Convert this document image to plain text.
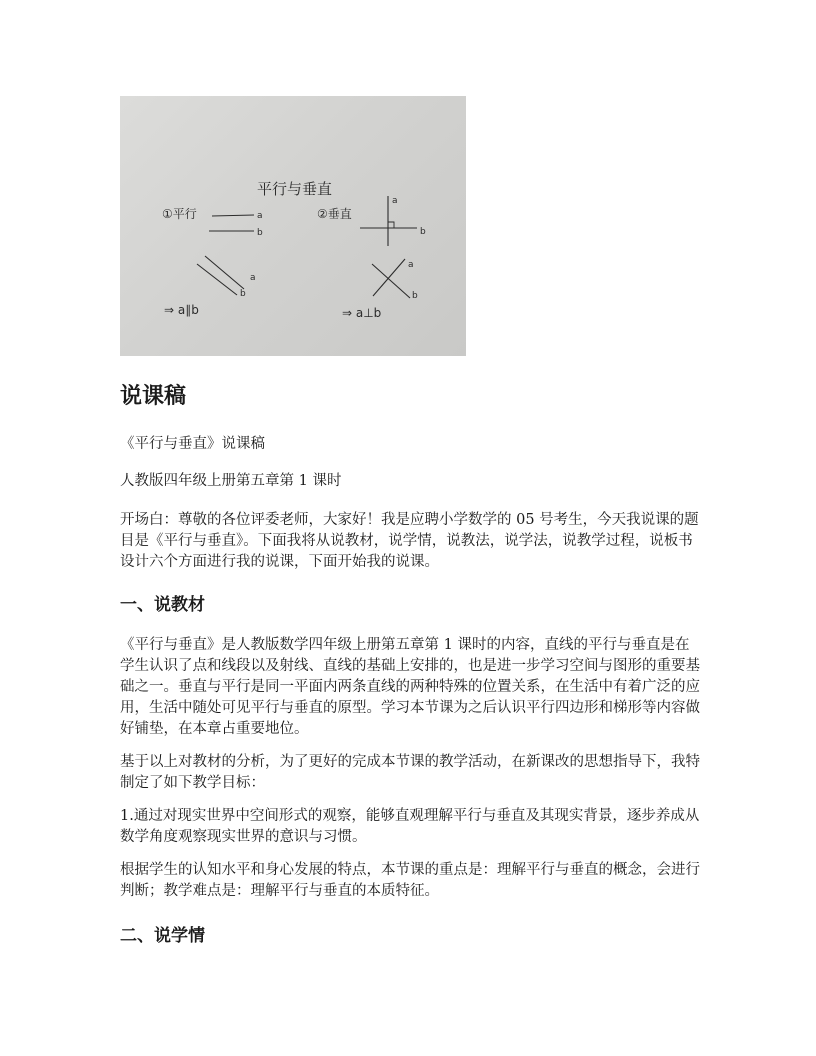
平行与垂直
①平行	a
b
a
b
⇒ a∥b
②垂直
a
b
a
b
⇒ a⊥b
说课稿

《平行与垂直》说课稿

人教版四年级上册第五章第 1 课时

开场白：尊敬的各位评委老师，大家好！我是应聘小学数学的 05 号考生，今天我说课的题目是《平行与垂直》。下面我将从说教材，说学情，说教法，说学法，说教学过程，说板书设计六个方面进行我的说课，下面开始我的说课。

一、说教材

《平行与垂直》是人教版数学四年级上册第五章第 1 课时的内容，直线的平行与垂直是在学生认识了点和线段以及射线、直线的基础上安排的，也是进一步学习空间与图形的重要基础之一。垂直与平行是同一平面内两条直线的两种特殊的位置关系，在生活中有着广泛的应用，生活中随处可见平行与垂直的原型。学习本节课为之后认识平行四边形和梯形等内容做好铺垫，在本章占重要地位。

基于以上对教材的分析，为了更好的完成本节课的教学活动，在新课改的思想指导下，我特制定了如下教学目标：

1.通过对现实世界中空间形式的观察，能够直观理解平行与垂直及其现实背景，逐步养成从数学角度观察现实世界的意识与习惯。

根据学生的认知水平和身心发展的特点，本节课的重点是：理解平行与垂直的概念，会进行判断；教学难点是：理解平行与垂直的本质特征。

二、说学情
